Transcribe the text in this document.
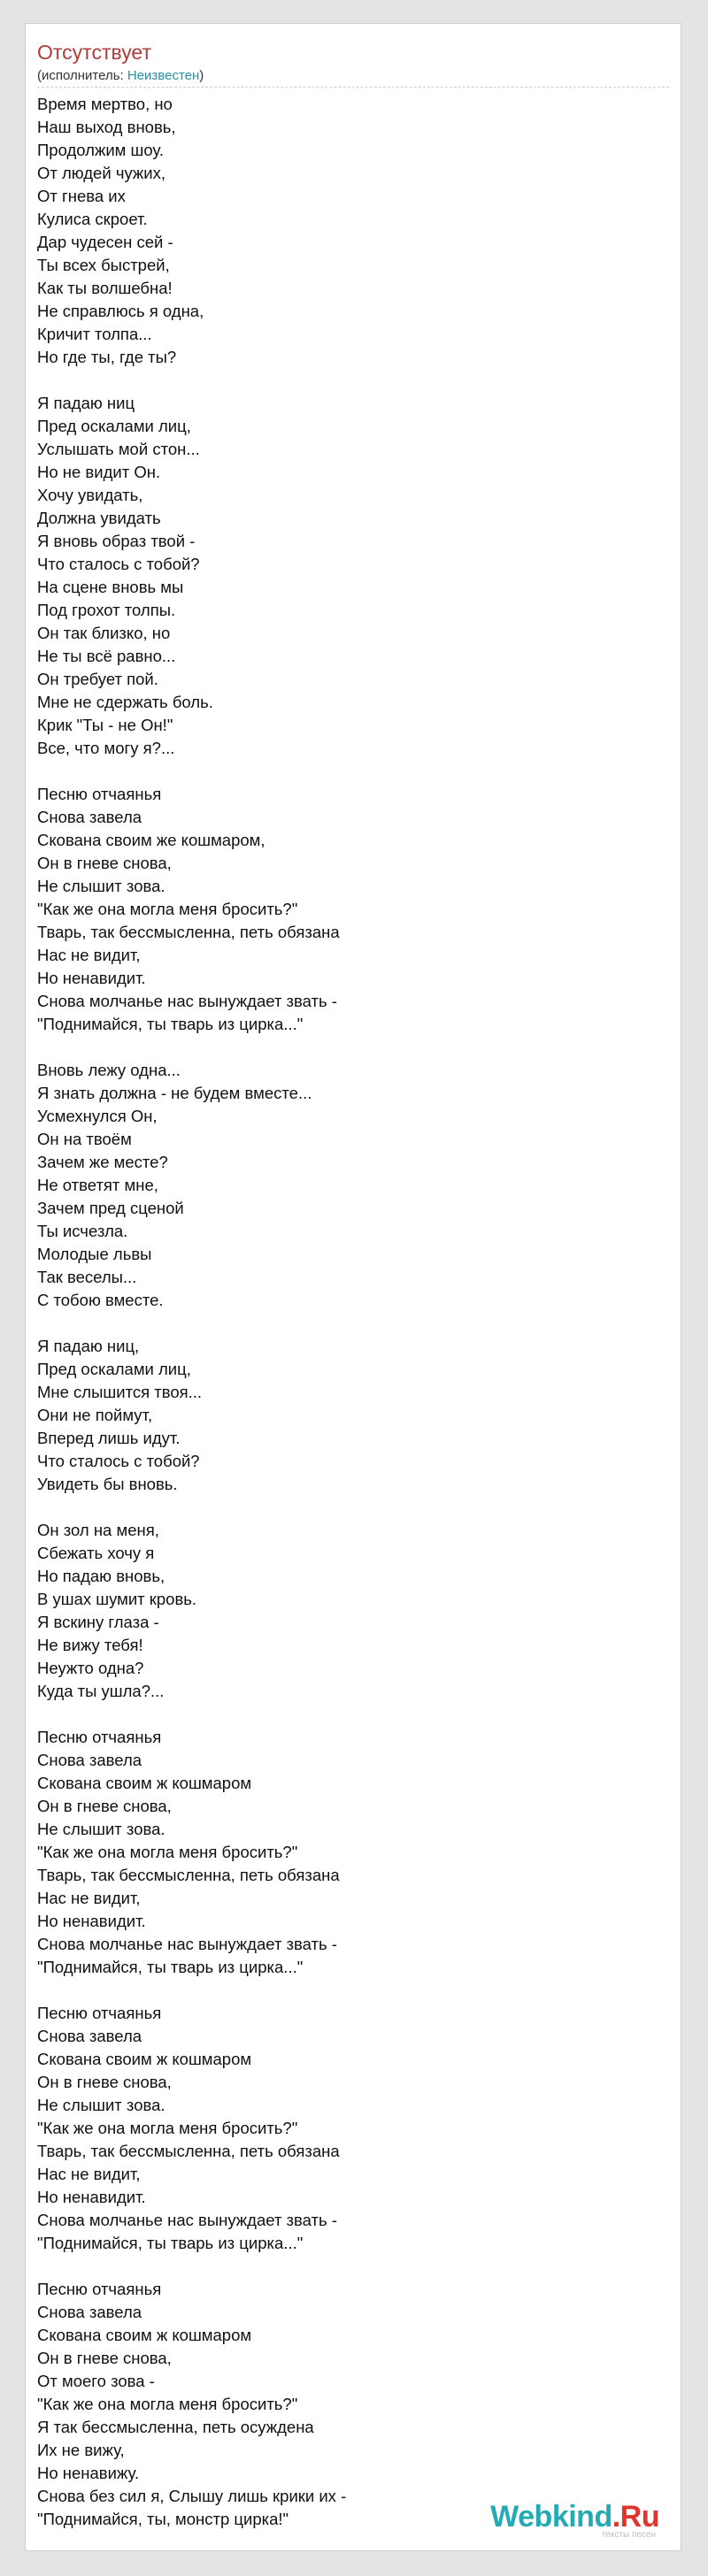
Отсутствует
(исполнитель: Неизвестен)
Время мертво, но
Наш выход вновь,
Продолжим шоу.
От людей чужих,
От гнева их
Кулиса скроет.
Дар чудесен сей -
Ты всех быстрей,
Как ты волшебна!
Не справлюсь я одна,
Кричит толпа...
Но где ты, где ты?
Я падаю ниц
Пред оскалами лиц,
Услышать мой стон...
Но не видит Он.
Хочу увидать,
Должна увидать
Я вновь образ твой -
Что сталось с тобой?
На сцене вновь мы
Под грохот толпы.
Он так близко, но
Не ты всё равно...
Он требует пой.
Мне не сдержать боль.
Крик "Ты - не Он!"
Все, что могу я?...
Песню отчаянья
Снова завела
Скована своим же кошмаром,
Он в гневе снова,
Не слышит зова.
"Как же она могла меня бросить?"
Тварь, так бессмысленна, петь обязана
Нас не видит,
Но ненавидит.
Снова молчанье нас вынуждает звать -
"Поднимайся, ты тварь из цирка..."
Вновь лежу одна...
Я знать должна - не будем вместе...
Усмехнулся Он,
Он на твоём
Зачем же месте?
Не ответят мне,
Зачем пред сценой
Ты исчезла.
Молодые львы
Так веселы...
С тобою вместе.
Я падаю ниц,
Пред оскалами лиц,
Мне слышится твоя...
Они не поймут,
Вперед лишь идут.
Что сталось с тобой?
Увидеть бы вновь.
Он зол на меня,
Сбежать хочу я
Но падаю вновь,
В ушах шумит кровь.
Я вскину глаза -
Не вижу тебя!
Неужто одна?
Куда ты ушла?...
Песню отчаянья
Снова завела
Скована своим ж кошмаром
Он в гневе снова,
Не слышит зова.
"Как же она могла меня бросить?"
Тварь, так бессмысленна, петь обязана
Нас не видит,
Но ненавидит.
Снова молчанье нас вынуждает звать -
"Поднимайся, ты тварь из цирка..."
Песню отчаянья
Снова завела
Скована своим ж кошмаром
Он в гневе снова,
Не слышит зова.
"Как же она могла меня бросить?"
Тварь, так бессмысленна, петь обязана
Нас не видит,
Но ненавидит.
Снова молчанье нас вынуждает звать -
"Поднимайся, ты тварь из цирка..."
Песню отчаянья
Снова завела
Скована своим ж кошмаром
Он в гневе снова,
От моего зова -
"Как же она могла меня бросить?"
Я так бессмысленна, петь осуждена
Их не вижу,
Но ненавижу.
Снова без сил я, Слышу лишь крики их -
"Поднимайся, ты, монстр цирка!"	Webkind.Ru
тексты песен
